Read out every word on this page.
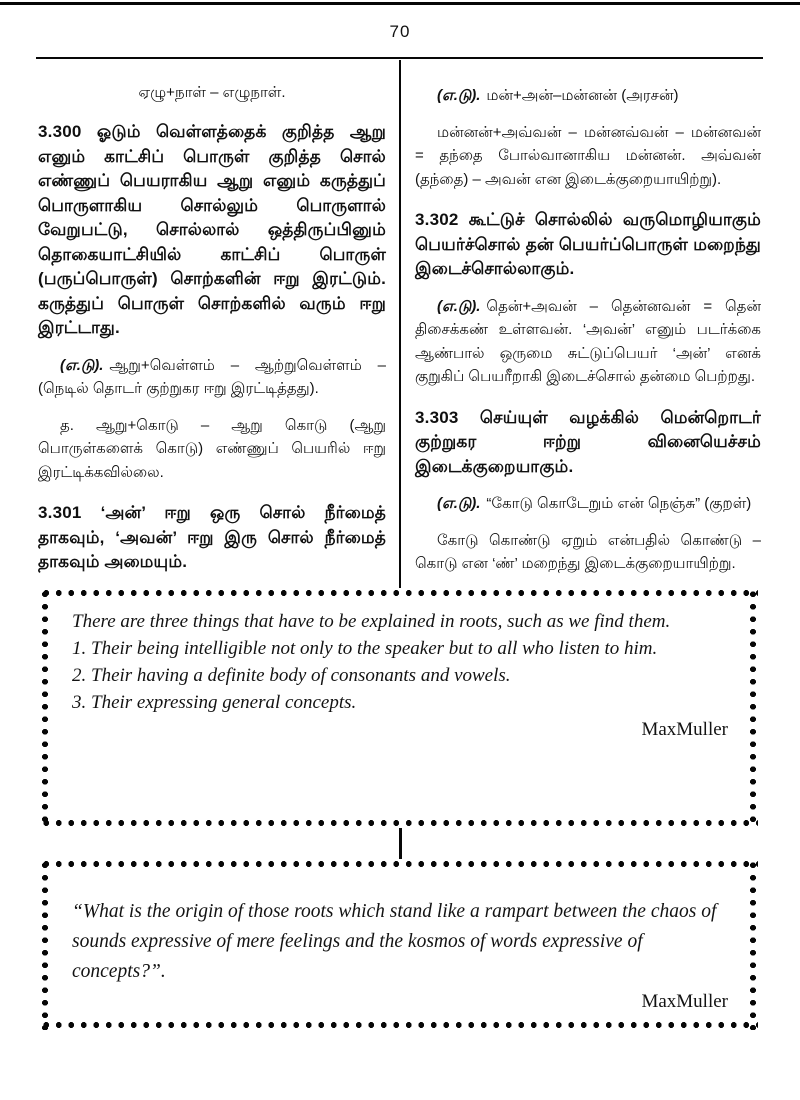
70

ஏழு+நாள் – எழுநாள்.

3.300 ஓடும் வெள்ளத்தைக் குறித்த ஆறு எனும் காட்சிப் பொருள் குறித்த சொல் எண்ணுப் பெயராகிய ஆறு எனும் கருத்துப் பொருளாகிய சொல்லும் பொருளால் வேறுபட்டு, சொல்லால் ஒத்திருப்பினும் தொகையாட்சியில் காட்சிப் பொருள் (பருப்பொருள்) சொற்களின் ஈறு இரட்டும். கருத்துப் பொருள் சொற்களில் வரும் ஈறு இரட்டாது.

(எ.டு). ஆறு+வெள்ளம் – ஆற்றுவெள்ளம் – (நெடில் தொடர் குற்றுகர ஈறு இரட்டித்தது).

த. ஆறு+கொடு – ஆறு கொடு (ஆறு பொருள்களைக் கொடு) எண்ணுப் பெயரில் ஈறு இரட்டிக்கவில்லை.

3.301 ‘அன்’ ஈறு ஒரு சொல் நீர்மைத் தாகவும், ‘அவன்’ ஈறு இரு சொல் நீர்மைத் தாகவும் அமையும்.

(எ.டு). மன்+அன்–மன்னன் (அரசன்)

மன்னன்+அவ்வன் – மன்னவ்வன் – மன்னவன் = தந்தை போல்வானாகிய மன்னன். அவ்வன் (தந்தை) – அவன் என இடைக்குறையாயிற்று).

3.302 கூட்டுச் சொல்லில் வருமொழியாகும் பெயர்ச்சொல் தன் பெயர்ப்பொருள் மறைந்து இடைச்சொல்லாகும்.

(எ.டு). தென்+அவன் – தென்னவன் = தென் திசைக்கண் உள்ளவன். ‘அவன்’ எனும் படர்க்கை ஆண்பால் ஒருமை சுட்டுப்பெயர் ‘அன்’ எனக் குறுகிப் பெயரீறாகி இடைச்சொல் தன்மை பெற்றது.

3.303 செய்யுள் வழக்கில் மென்றொடர் குற்றுகர ஈற்று வினையெச்சம் இடைக்குறையாகும்.

(எ.டு). “கோடு கொடேறும் என் நெஞ்சு” (குறள்)

கோடு கொண்டு ஏறும் என்பதில் கொண்டு – கொடு என ‘ண்’ மறைந்து இடைக்குறையாயிற்று.

There are three things that have to be explained in roots, such as we find them.

1. Their being intelligible not only to the speaker but to all who listen to him.

2. Their having a definite body of consonants and vowels.

3. Their expressing general concepts.

MaxMuller

“What is the origin of those roots which stand like a rampart between the chaos of sounds expressive of mere feelings and the kosmos of words expressive of concepts?”.

MaxMuller
